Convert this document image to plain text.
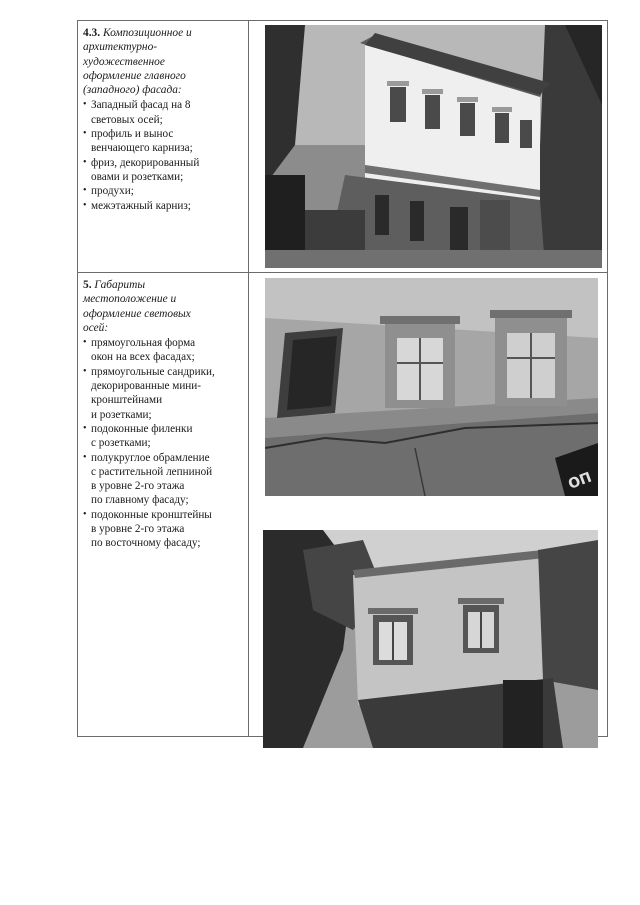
4.3. Композиционное и
архитектурно-
художественное
оформление главного
(западного) фасада:
• Западный фасад на 8
световых осей;
• профиль и вынос
венчающего карниза;
• фриз, декорированный
овами и розетками;
• продухи;
• межэтажный карниз;
5. Габариты
местоположение и
оформление световых
осей:
• прямоугольная форма
окон на всех фасадах;
• прямоугольные сандрики,
декорированные мини-
кронштейнами
и розетками;
• подоконные филенки
с розетками;
• полукруглое обрамление
с растительной лепниной
в уровне 2-го этажа
по главному фасаду;
• подоконные кронштейны
в уровне 2-го этажа
по восточному фасаду;
ОП
